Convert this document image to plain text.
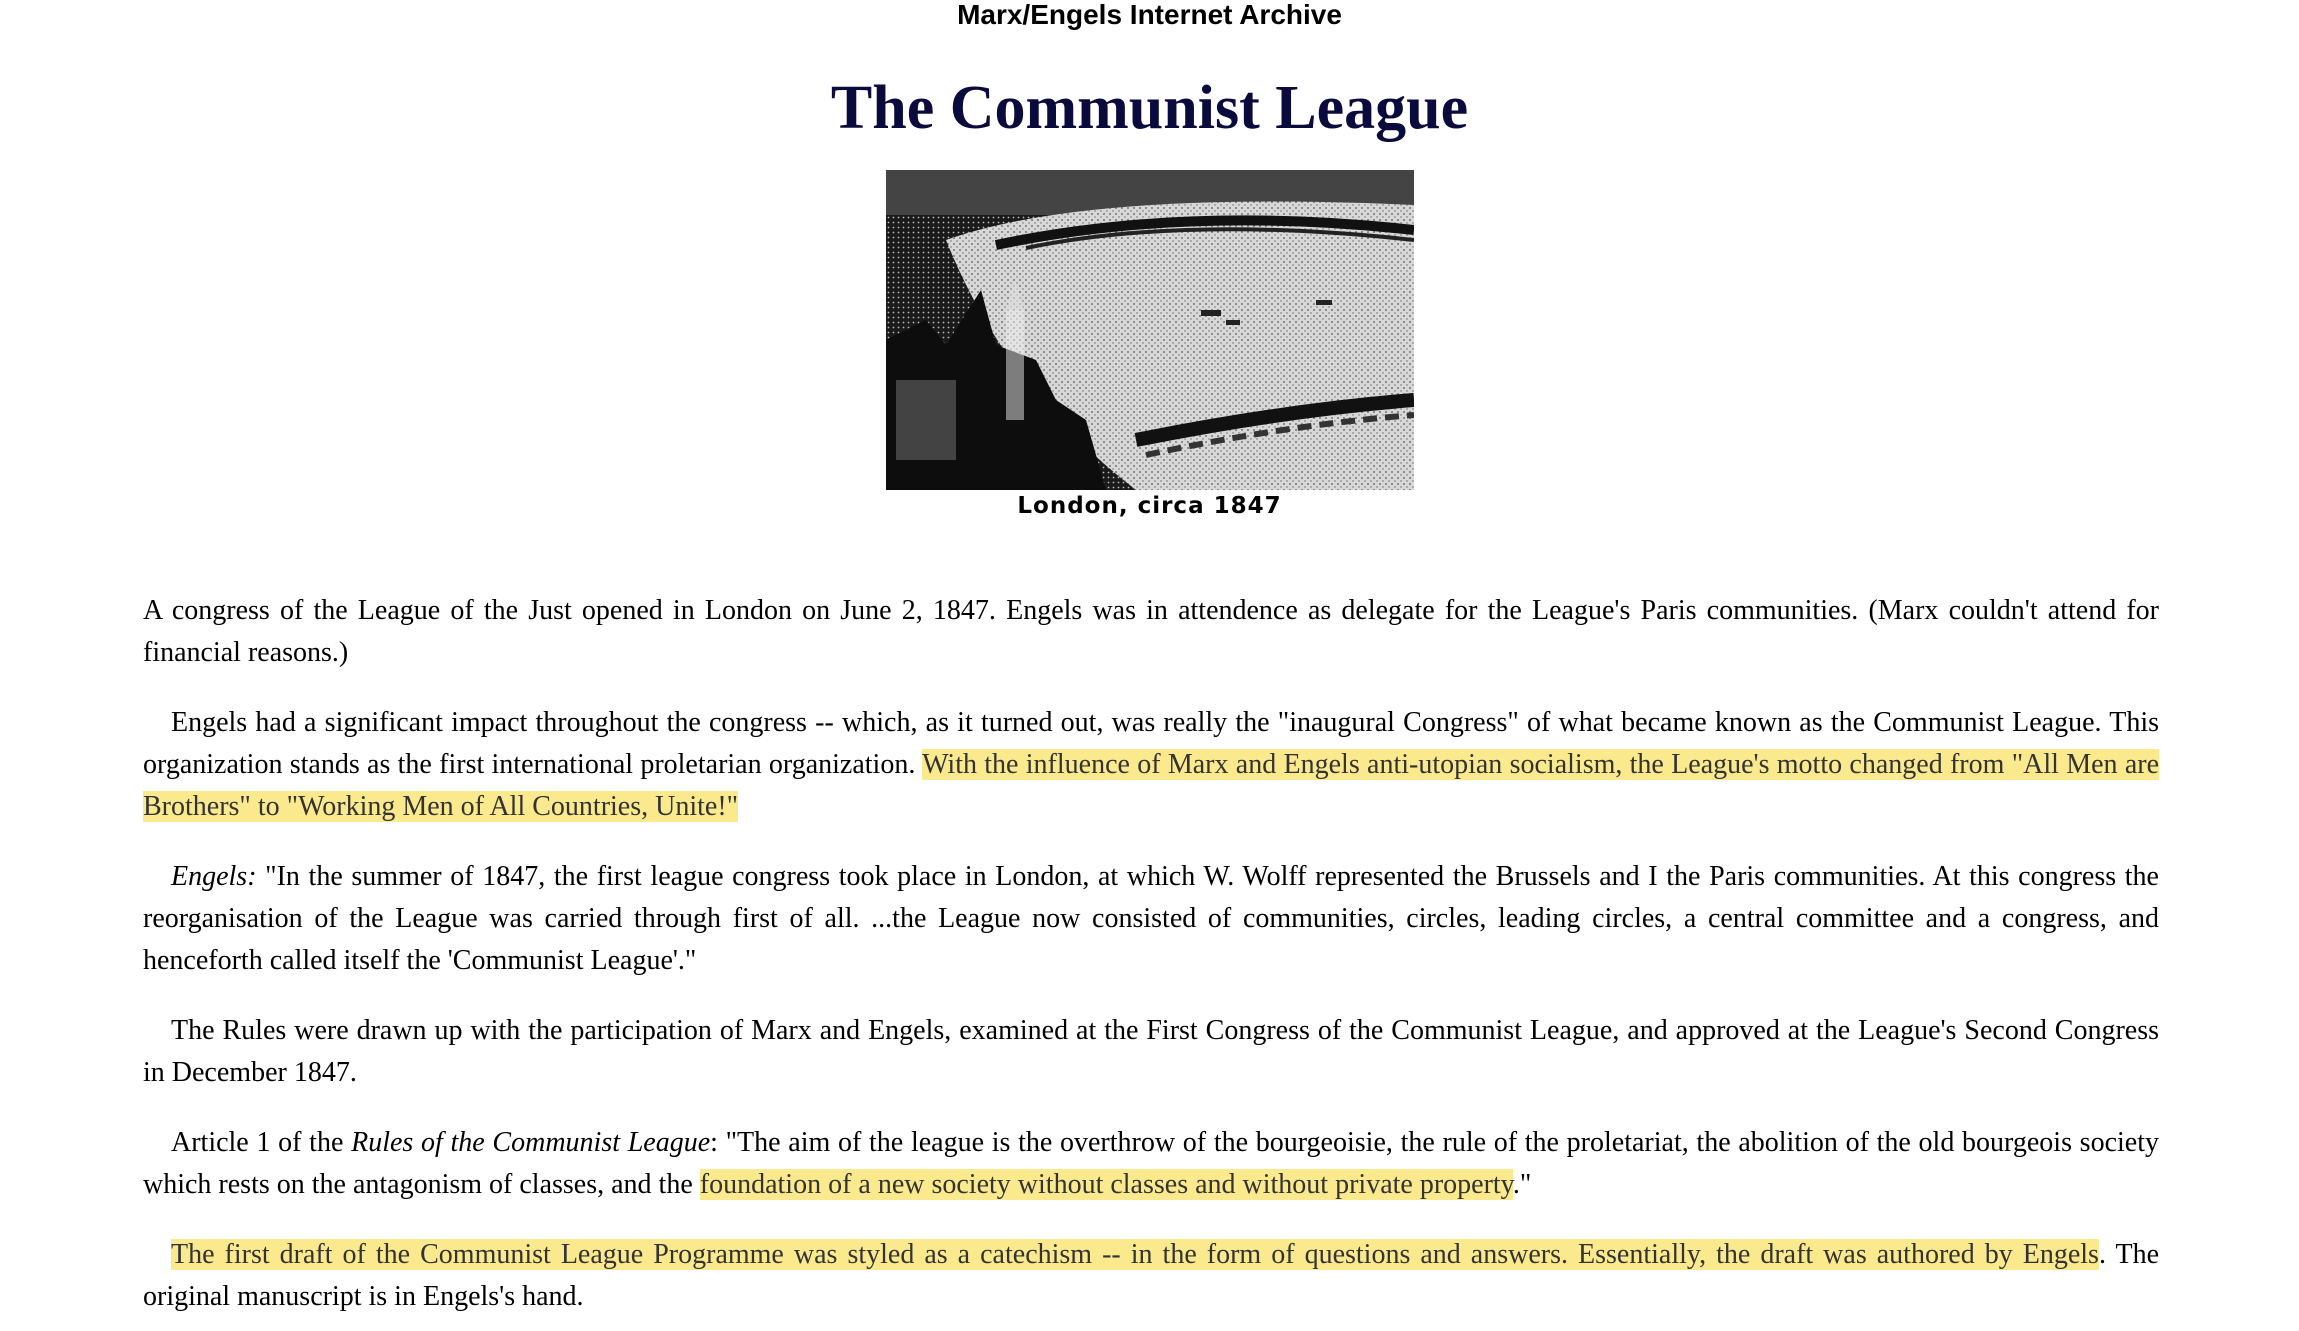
Marx/Engels Internet Archive
The Communist League
London, circa 1847

A congress of the League of the Just opened in London on June 2, 1847. Engels was in attendence as delegate for the League's Paris communities. (Marx couldn't attend for financial reasons.)

Engels had a significant impact throughout the congress -- which, as it turned out, was really the "inaugural Congress" of what became known as the Communist League. This organization stands as the first international proletarian organization. With the influence of Marx and Engels anti-utopian socialism, the League's motto changed from "All Men are Brothers" to "Working Men of All Countries, Unite!"

Engels: "In the summer of 1847, the first league congress took place in London, at which W. Wolff represented the Brussels and I the Paris communities. At this congress the reorganisation of the League was carried through first of all. ...the League now consisted of communities, circles, leading circles, a central committee and a congress, and henceforth called itself the 'Communist League'."

The Rules were drawn up with the participation of Marx and Engels, examined at the First Congress of the Communist League, and approved at the League's Second Congress in December 1847.

Article 1 of the Rules of the Communist League: "The aim of the league is the overthrow of the bourgeoisie, the rule of the proletariat, the abolition of the old bourgeois society which rests on the antagonism of classes, and the foundation of a new society without classes and without private property."

The first draft of the Communist League Programme was styled as a catechism -- in the form of questions and answers. Essentially, the draft was authored by Engels. The original manuscript is in Engels's hand.
